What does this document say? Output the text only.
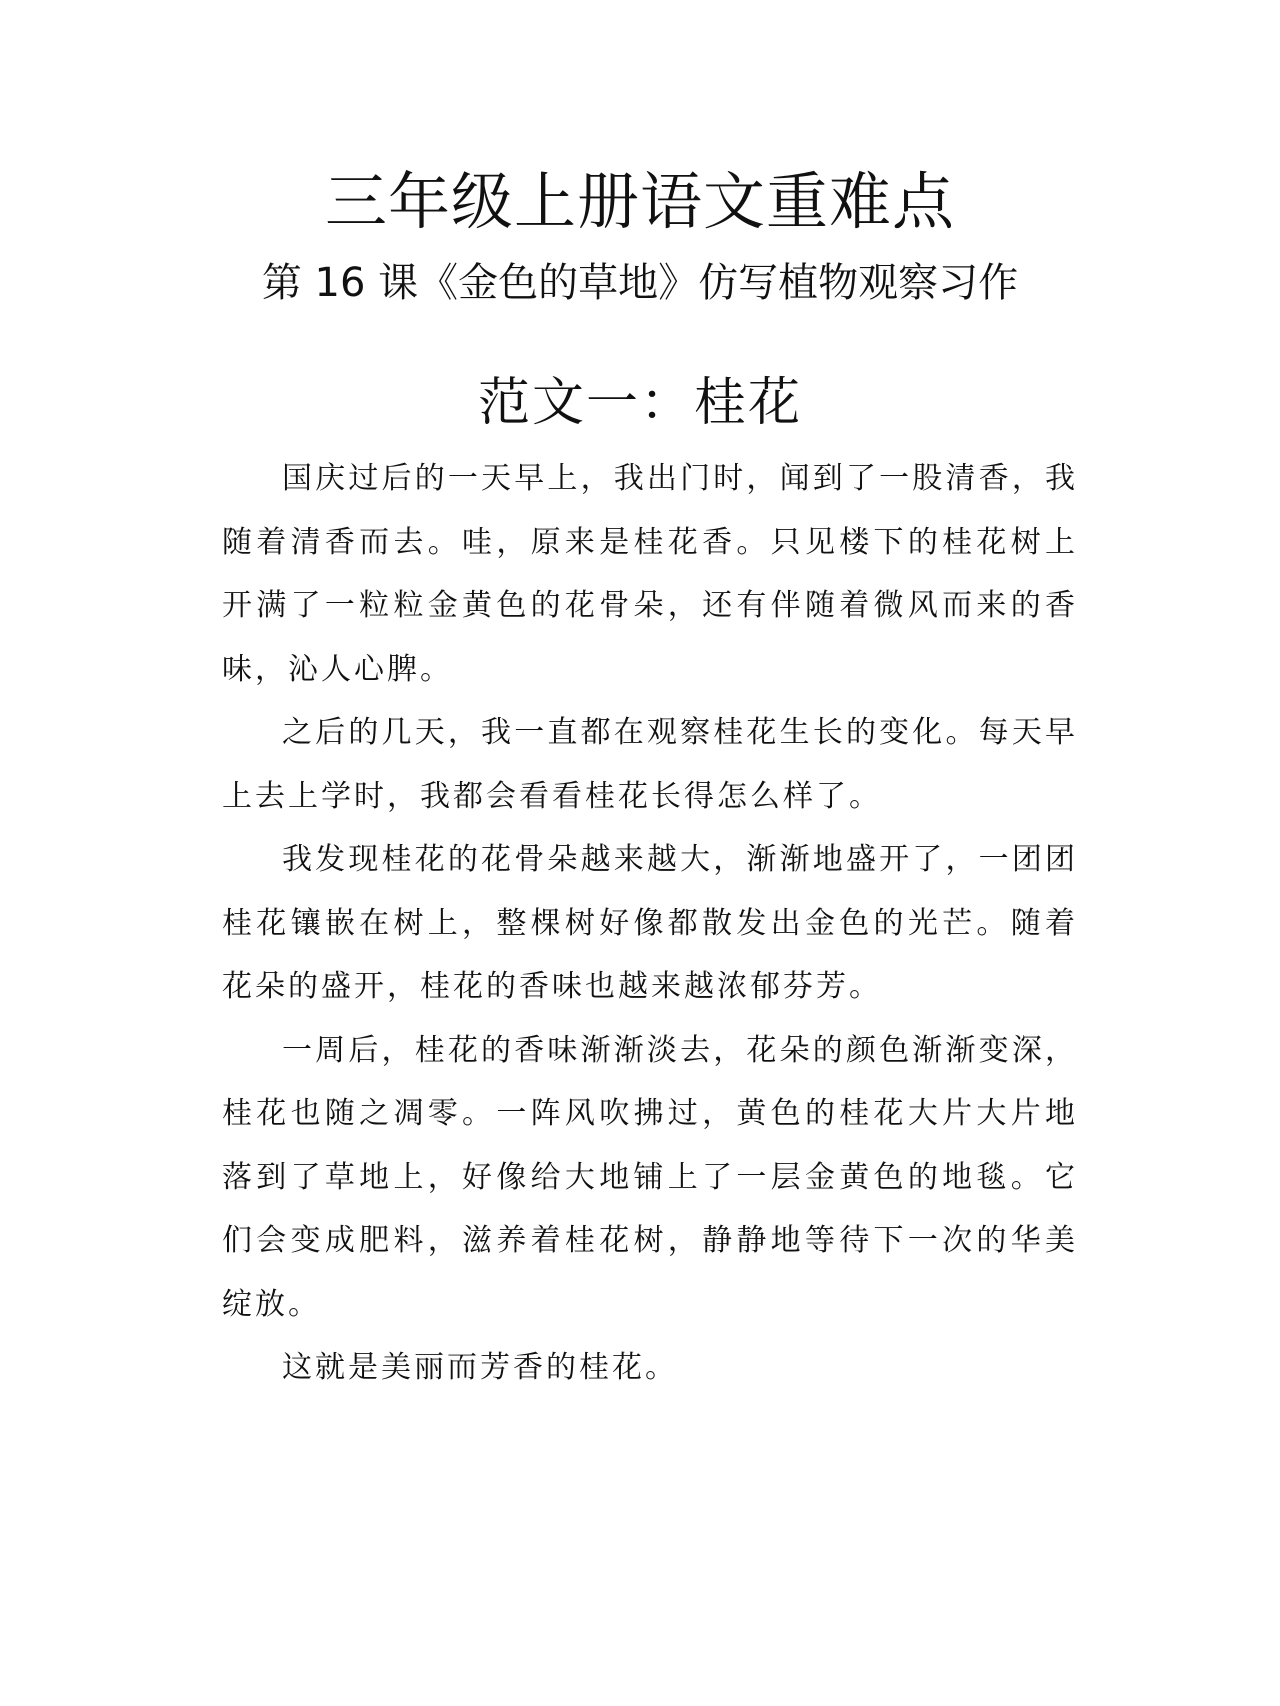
三年级上册语文重难点
第 16 课《金色的草地》仿写植物观察习作
范文一：桂花

国庆过后的一天早上，我出门时，闻到了一股清香，我随着清香而去。哇，原来是桂花香。只见楼下的桂花树上开满了一粒粒金黄色的花骨朵，还有伴随着微风而来的香味，沁人心脾。

之后的几天，我一直都在观察桂花生长的变化。每天早上去上学时，我都会看看桂花长得怎么样了。

我发现桂花的花骨朵越来越大，渐渐地盛开了，一团团桂花镶嵌在树上，整棵树好像都散发出金色的光芒。随着花朵的盛开，桂花的香味也越来越浓郁芬芳。

一周后，桂花的香味渐渐淡去，花朵的颜色渐渐变深，桂花也随之凋零。一阵风吹拂过，黄色的桂花大片大片地落到了草地上，好像给大地铺上了一层金黄色的地毯。它们会变成肥料，滋养着桂花树，静静地等待下一次的华美绽放。

这就是美丽而芳香的桂花。
